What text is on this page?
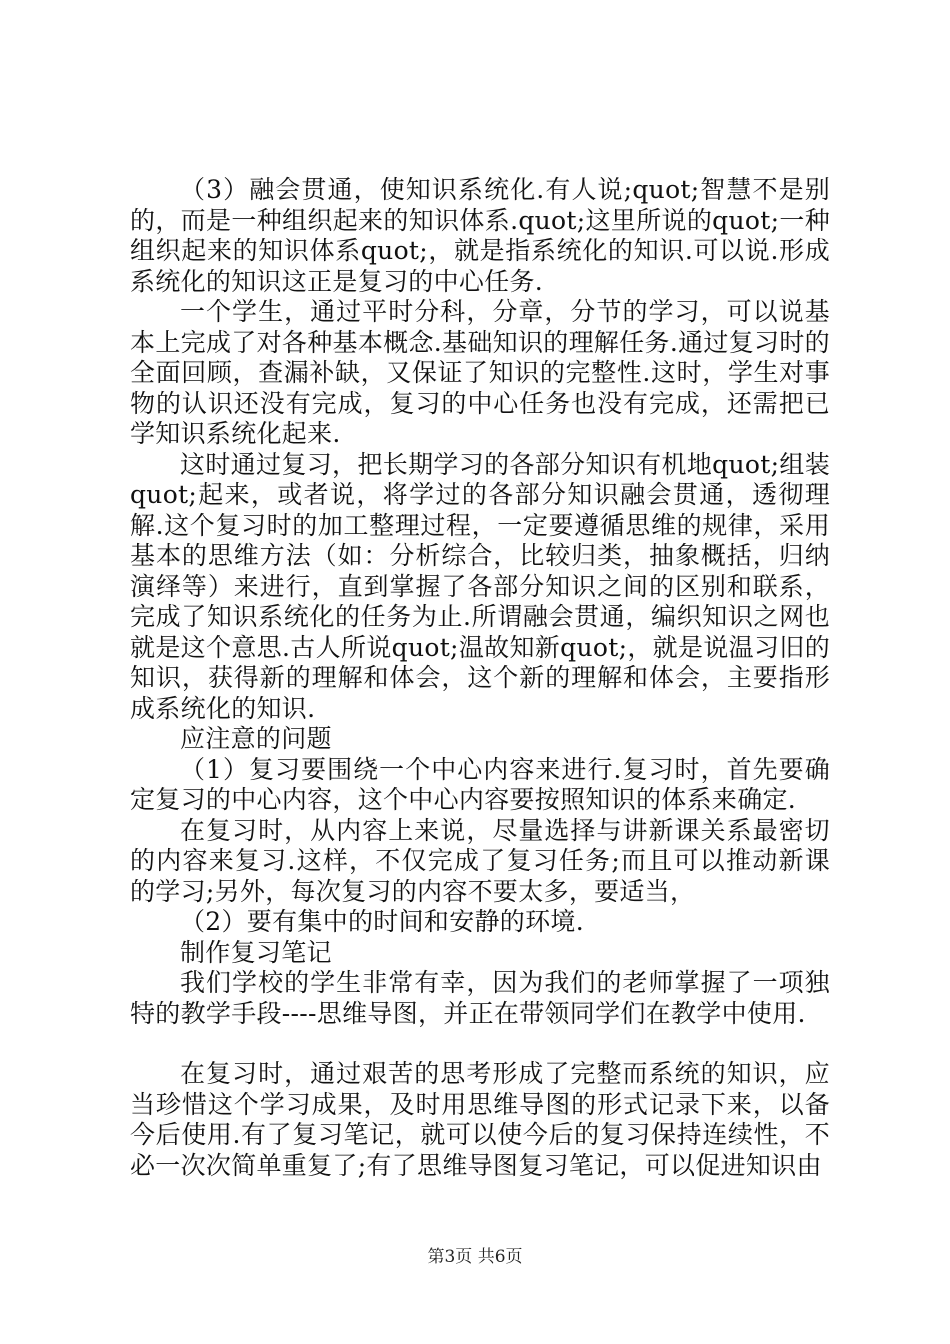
（3）融会贯通，使知识系统化.有人说;quot;智慧不是别的，而是一种组织起来的知识体系.quot;这里所说的quot;一种组织起来的知识体系quot;，就是指系统化的知识.可以说.形成系统化的知识这正是复习的中心任务.

一个学生，通过平时分科，分章，分节的学习，可以说基本上完成了对各种基本概念.基础知识的理解任务.通过复习时的全面回顾，查漏补缺，又保证了知识的完整性.这时，学生对事物的认识还没有完成，复习的中心任务也没有完成，还需把已学知识系统化起来.

这时通过复习，把长期学习的各部分知识有机地quot;组装quot;起来，或者说，将学过的各部分知识融会贯通，透彻理解.这个复习时的加工整理过程，一定要遵循思维的规律，采用基本的思维方法（如：分析综合，比较归类，抽象概括，归纳演绎等）来进行，直到掌握了各部分知识之间的区别和联系，完成了知识系统化的任务为止.所谓融会贯通，编织知识之网也就是这个意思.古人所说quot;温故知新quot;，就是说温习旧的知识，获得新的理解和体会，这个新的理解和体会，主要指形成系统化的知识.

应注意的问题

（1）复习要围绕一个中心内容来进行.复习时，首先要确定复习的中心内容，这个中心内容要按照知识的体系来确定.

在复习时，从内容上来说，尽量选择与讲新课关系最密切的内容来复习.这样，不仅完成了复习任务;而且可以推动新课的学习;另外，每次复习的内容不要太多，要适当，

（2）要有集中的时间和安静的环境.

制作复习笔记

我们学校的学生非常有幸，因为我们的老师掌握了一项独特的教学手段----思维导图，并正在带领同学们在教学中使用.

在复习时，通过艰苦的思考形成了完整而系统的知识，应当珍惜这个学习成果，及时用思维导图的形式记录下来，以备今后使用.有了复习笔记，就可以使今后的复习保持连续性，不必一次次简单重复了;有了思维导图复习笔记，可以促进知识由

第3页 共6页
